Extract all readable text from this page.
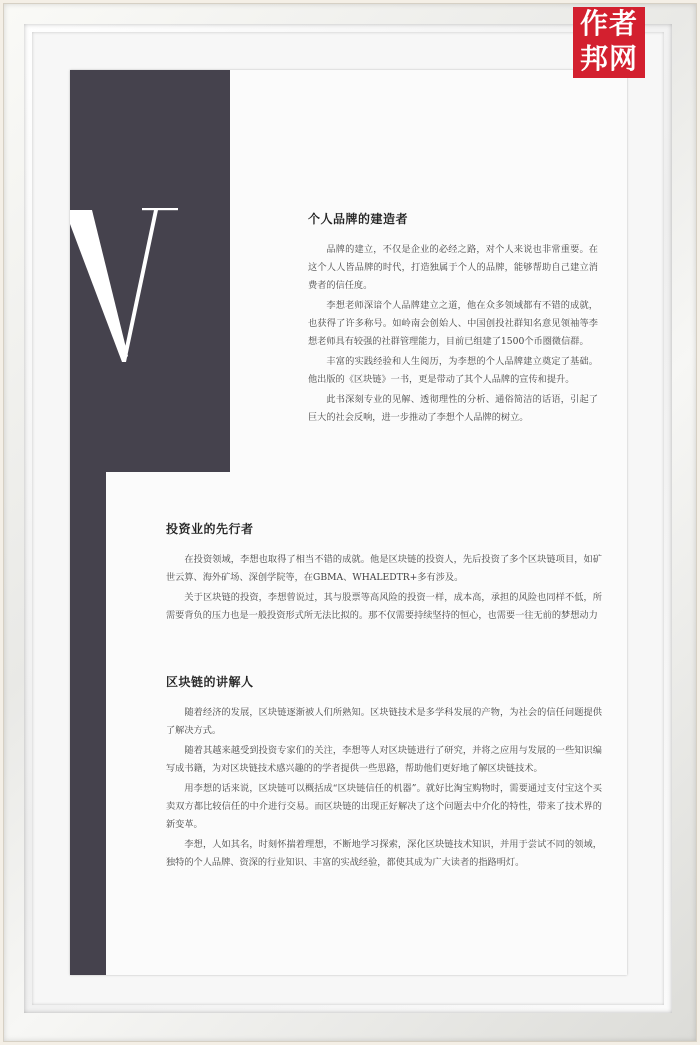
个人品牌的建造者

品牌的建立，不仅是企业的必经之路，对个人来说也非常重要。在这个人人皆品牌的时代，打造独属于个人的品牌，能够帮助自己建立消费者的信任度。

李想老师深谙个人品牌建立之道，他在众多领域都有不错的成就，也获得了许多称号。如岭南会创始人、中国创投社群知名意见领袖等李想老师具有较强的社群管理能力，目前已组建了1500个币圈微信群。

丰富的实践经验和人生阅历，为李想的个人品牌建立奠定了基础。他出版的《区块链》一书，更是带动了其个人品牌的宣传和提升。

此书深刻专业的见解、透彻理性的分析、通俗简洁的话语，引起了巨大的社会反响，进一步推动了李想个人品牌的树立。

投资业的先行者

在投资领域，李想也取得了相当不错的成就。他是区块链的投资人，先后投资了多个区块链项目，如矿世云算、海外矿场、深创学院等，在GBMA、WHALEDTR+多有涉及。

关于区块链的投资，李想曾说过，其与股票等高风险的投资一样，成本高，承担的风险也同样不低，所需要背负的压力也是一般投资形式所无法比拟的。那不仅需要持续坚持的恒心，也需要一往无前的梦想动力

区块链的讲解人

随着经济的发展，区块链逐渐被人们所熟知。区块链技术是多学科发展的产物，为社会的信任问题提供了解决方式。

随着其越来越受到投资专家们的关注，李想等人对区块链进行了研究，并将之应用与发展的一些知识编写成书籍，为对区块链技术感兴趣的的学者提供一些思路，帮助他们更好地了解区块链技术。

用李想的话来说，区块链可以概括成“区块链信任的机器”。就好比淘宝购物时，需要通过支付宝这个买卖双方都比较信任的中介进行交易。而区块链的出现正好解决了这个问题去中介化的特性，带来了技术界的新变革。

李想，人如其名，时刻怀揣着理想，不断地学习探索，深化区块链技术知识，并用于尝试不同的领域，独特的个人品牌、资深的行业知识、丰富的实战经验，都使其成为广大读者的指路明灯。

作者
邦网
